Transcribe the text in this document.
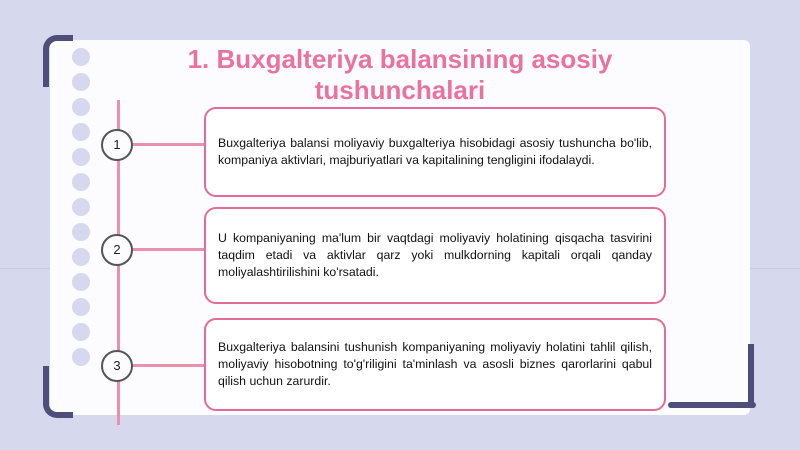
1. Buxgalteriya balansining asosiy tushunchalari
1	Buxgalteriya balansi moliyaviy buxgalteriya hisobidagi asosiy tushuncha bo'lib, kompaniya aktivlari, majburiyatlari va kapitalining tengligini ifodalaydi.

2

U kompaniyaning ma'lum bir vaqtdagi moliyaviy holatining qisqacha tasvirini taqdim etadi va aktivlar qarz yoki mulkdorning kapitali orqali qanday moliyalashtirilishini ko'rsatadi.

3

Buxgalteriya balansini tushunish kompaniyaning moliyaviy holatini tahlil qilish, moliyaviy hisobotning to'g'riligini ta'minlash va asosli biznes qarorlarini qabul qilish uchun zarurdir.
